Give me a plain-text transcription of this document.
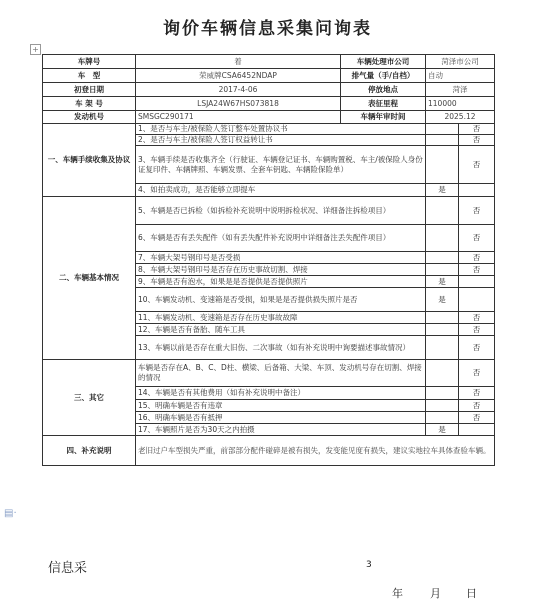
询价车辆信息采集问询表
+
▤·
车牌号	着	车辆处理市公司	菏泽市公司	
车　型	荣威牌CSA6452NDAP	排气量（手/自档）	自动	
初登日期	2017-4-06	停放地点	菏泽	
车 架 号	LSJA24W67HS073818	表征里程	110000	
发动机号	SMSGC290171	车辆年审时间	2025.12	
一、车辆手续收集及协议	1、是否与车主/被保险人签订整车处置协议书			否
	2、是否与车主/被保险人签订权益转让书			否
	3、车辆手续是否收集齐全（行驶证、车辆登记证书、车辆购置税、车主/被保险人身份证复印件、车辆牌照、车辆发票、全套车钥匙、车辆险保险单）			否
	4、如拍卖成功，是否能够立即提车		是	
二、车辆基本情况	5、车辆是否已拆检（如拆检补充说明中说明拆检状况、详细备注拆检项目）			否
	6、车辆是否有丢失配件（如有丢失配件补充说明中详细备注丢失配件项目）			否
	7、车辆大架号钢印号是否受损			否
	8、车辆大架号钢印号是否存在历史事故切割、焊接			否
	9、车辆是否有泡水，如果是是否提供是否提供照片		是	
	10、车辆发动机、变速箱是否受损，如果是是否提供损失照片是否		是	
	11、车辆发动机、变速箱是否存在历史事故故障			否
	12、车辆是否有备胎、随车工具			否
	13、车辆以前是否存在重大旧伤、二次事故（如有补充说明中询要描述事故情况）			否
三、其它	车辆是否存在A、B、C、D柱、横梁、后备箱、大梁、车顶、发动机号存在切割、焊接的情况			否
	14、车辆是否有其他费用（如有补充说明中备注）			否
	15、明确车辆是否有违章			否
	16、明确车辆是否有抵押			否
	17、车辆照片是否为30天之内拍摄		是	
四、补充说明	老旧过户车型损失严重，前部部分配件碰碎是被有损失，发变能见度有损失，建议实地拉车具体查验车辆。			
信息采	3
年 月 日
